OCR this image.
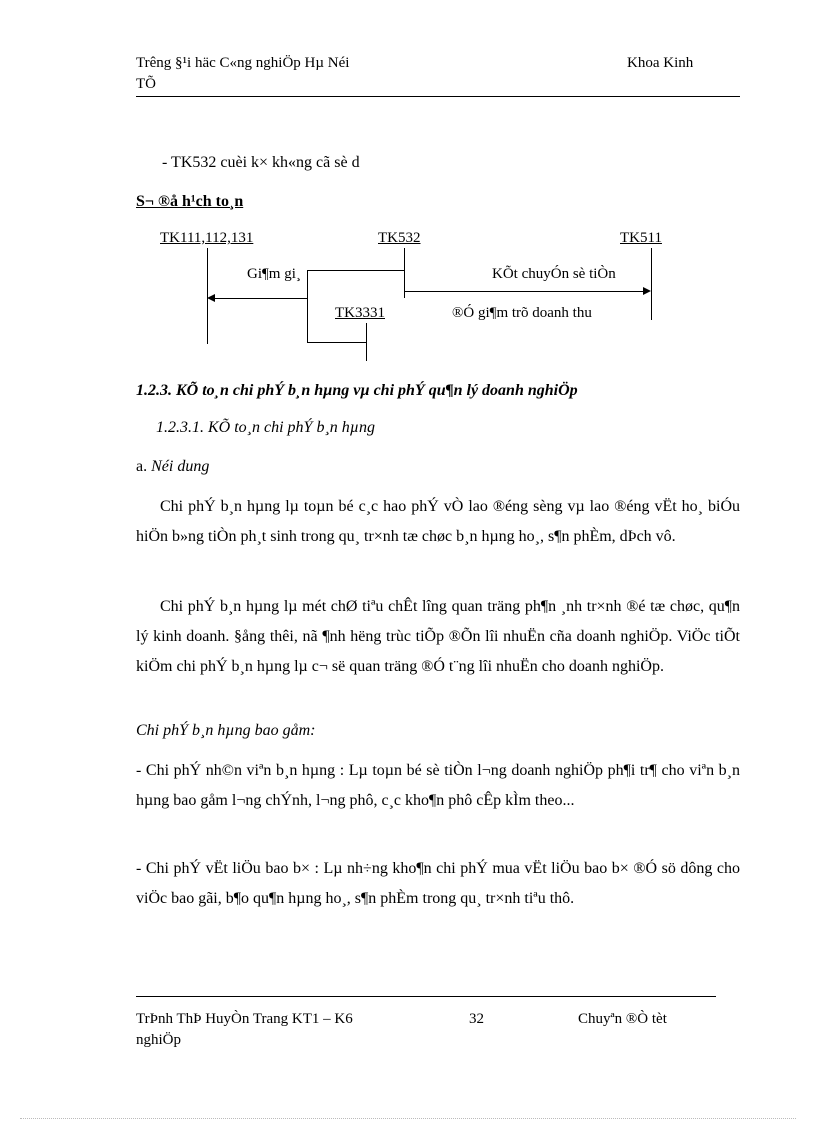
Trêng §¹i häc C«ng nghiÖp Hµ Néi
TÕ
Khoa Kinh
- TK532 cuèi k× kh«ng cã sè d
S¬ ®å h¹ch to¸n
TK111,112,131	TK532	TK511
Gi¶m gi¸	KÕt chuyÓn sè tiÒn
TK3331	®Ó gi¶m trõ doanh thu
1.2.3. KÕ to¸n chi phÝ b¸n hµng vµ chi phÝ qu¶n lý doanh nghiÖp
1.2.3.1. KÕ to¸n chi phÝ b¸n hµng
a. Néi dung
Chi phÝ b¸n hµng lµ toµn bé c¸c hao phÝ vÒ lao ®éng sèng vµ lao ®éng vËt ho¸ biÓu hiÖn b»ng tiÒn ph¸t sinh trong qu¸ tr×nh tæ chøc b¸n hµng ho¸, s¶n phÈm, dÞch vô.
Chi phÝ b¸n hµng lµ mét chØ tiªu chÊt lîng quan träng ph¶n ¸nh tr×nh ®é tæ chøc, qu¶n lý kinh doanh. §ång thêi, nã ¶nh hëng trùc tiÕp ®Õn lîi nhuËn cña doanh nghiÖp. ViÖc tiÕt kiÖm chi phÝ b¸n hµng lµ c¬ së quan träng ®Ó t¨ng lîi nhuËn cho doanh nghiÖp.
Chi phÝ b¸n hµng bao gåm:
- Chi phÝ nh©n viªn b¸n hµng : Lµ toµn bé sè tiÒn l¬ng doanh nghiÖp ph¶i tr¶ cho viªn b¸n hµng bao gåm l¬ng chÝnh, l¬ng phô, c¸c kho¶n phô cÊp kÌm theo...
- Chi phÝ vËt liÖu bao b× : Lµ nh÷ng kho¶n chi phÝ mua vËt liÖu bao b× ®Ó sö dông cho viÖc bao gãi, b¶o qu¶n hµng ho¸, s¶n phÈm trong qu¸ tr×nh tiªu thô.
TrÞnh ThÞ HuyÒn Trang KT1 – K6
nghiÖp
32	Chuyªn ®Ò tèt
